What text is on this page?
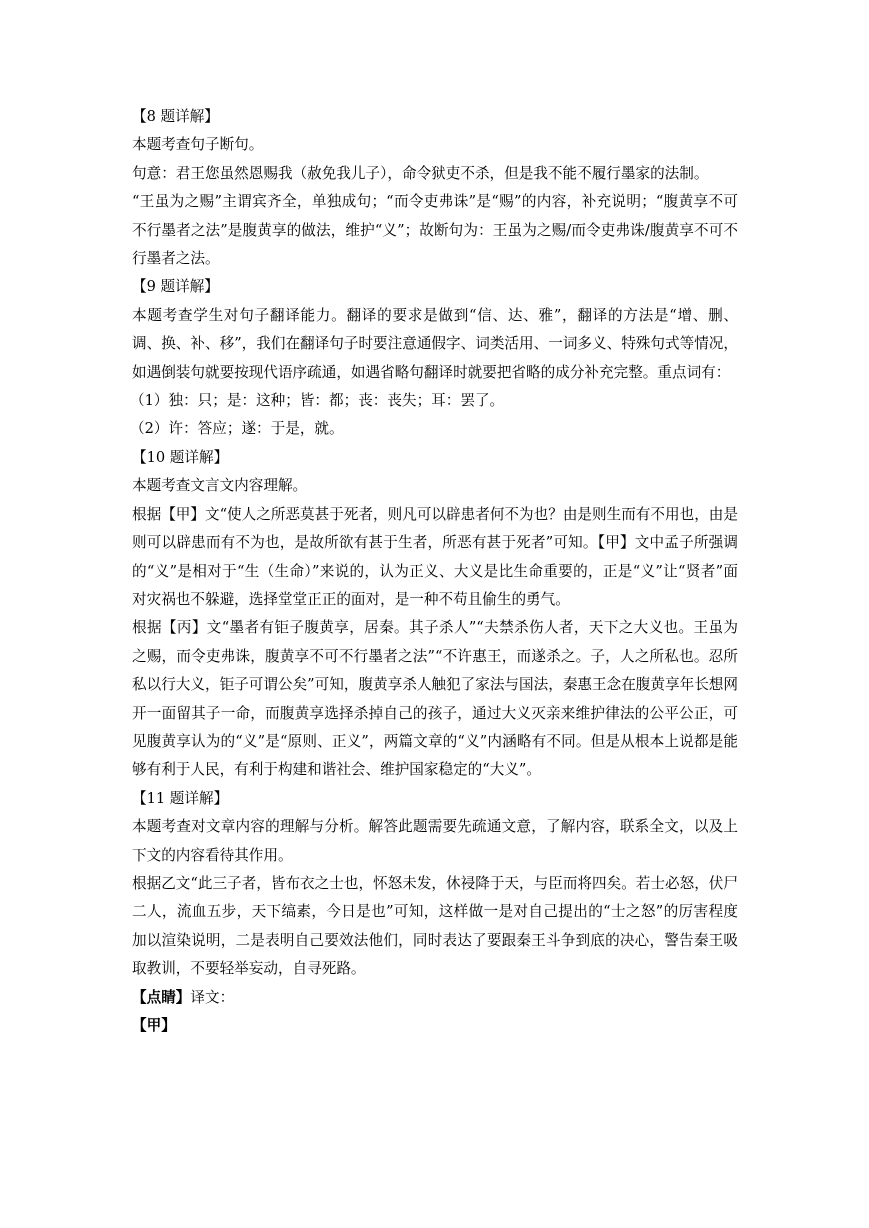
【8 题详解】

本题考查句子断句。

句意：君王您虽然恩赐我（赦免我儿子），命令狱吏不杀，但是我不能不履行墨家的法制。

“王虽为之赐”主谓宾齐全，单独成句；“而令吏弗诛”是“赐”的内容，补充说明；“腹黄享不可不行墨者之法”是腹黄享的做法，维护“义”；故断句为：王虽为之赐/而令吏弗诛/腹黄享不可不行墨者之法。

【9 题详解】

本题考查学生对句子翻译能力。翻译的要求是做到“信、达、雅”，翻译的方法是“增、删、调、换、补、移”，我们在翻译句子时要注意通假字、词类活用、一词多义、特殊句式等情况，如遇倒装句就要按现代语序疏通，如遇省略句翻译时就要把省略的成分补充完整。重点词有：

（1）独：只；是：这种；皆：都；丧：丧失；耳：罢了。

（2）许：答应；遂：于是，就。

【10 题详解】

本题考查文言文内容理解。

根据【甲】文“使人之所恶莫甚于死者，则凡可以辟患者何不为也？由是则生而有不用也，由是则可以辟患而有不为也，是故所欲有甚于生者，所恶有甚于死者”可知。【甲】文中孟子所强调的“义”是相对于“生（生命）”来说的，认为正义、大义是比生命重要的，正是“义”让“贤者”面对灾祸也不躲避，选择堂堂正正的面对，是一种不苟且偷生的勇气。

根据【丙】文“墨者有钜子腹黄享，居秦。其子杀人”“夫禁杀伤人者，天下之大义也。王虽为之赐，而令吏弗诛，腹黄享不可不行墨者之法”“不许惠王，而遂杀之。子，人之所私也。忍所私以行大义，钜子可谓公矣”可知，腹黄享杀人触犯了家法与国法，秦惠王念在腹黄享年长想网开一面留其子一命，而腹黄享选择杀掉自己的孩子，通过大义灭亲来维护律法的公平公正，可见腹黄享认为的“义”是“原则、正义”，两篇文章的“义”内涵略有不同。但是从根本上说都是能够有利于人民，有利于构建和谐社会、维护国家稳定的“大义”。

【11 题详解】

本题考查对文章内容的理解与分析。解答此题需要先疏通文意，了解内容，联系全文，以及上下文的内容看待其作用。

根据乙文“此三子者，皆布衣之士也，怀怒未发，休祲降于天，与臣而将四矣。若士必怒，伏尸二人，流血五步，天下缟素，今日是也”可知，这样做一是对自己提出的“士之怒”的厉害程度加以渲染说明，二是表明自己要效法他们，同时表达了要跟秦王斗争到底的决心，警告秦王吸取教训，不要轻举妄动，自寻死路。

【点睛】译文：

【甲】
